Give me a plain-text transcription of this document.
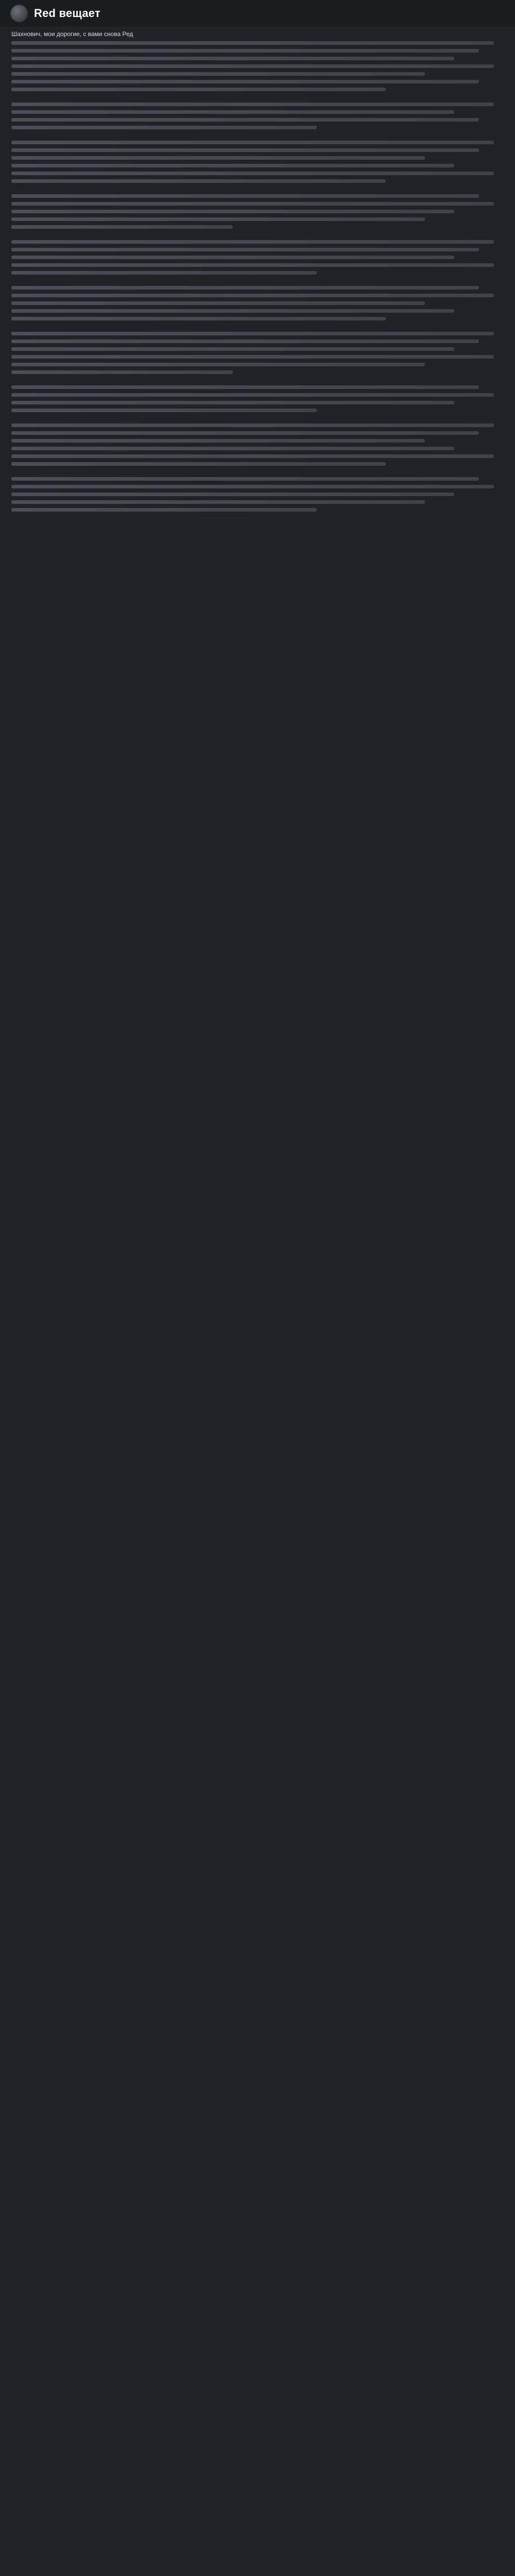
Red вещает
Шахнович, мои дорогие, с вами снова Ред
